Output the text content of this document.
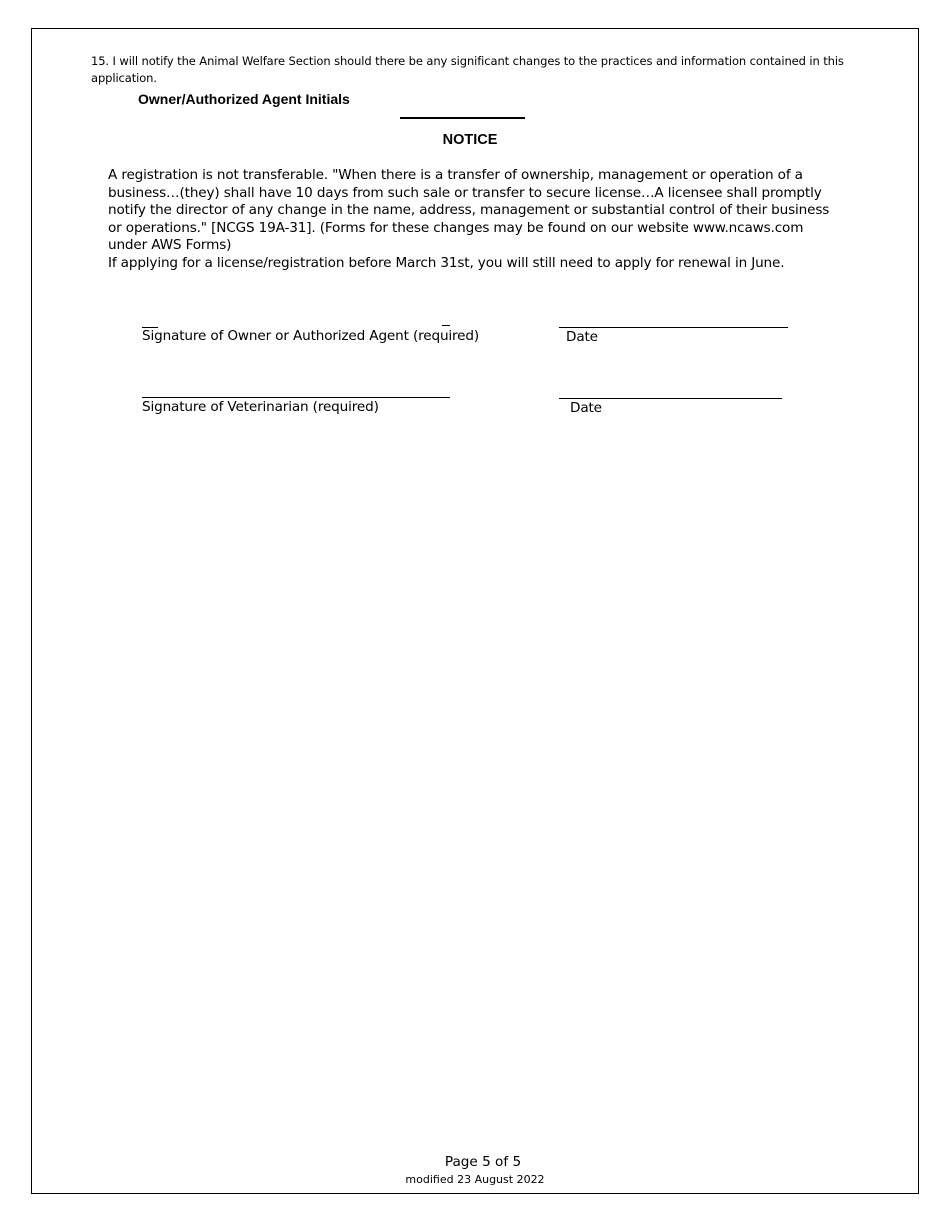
15. I will notify the Animal Welfare Section should there be any significant changes to the practices and information contained in this application.
Owner/Authorized Agent Initials
NOTICE

A registration is not transferable. "When there is a transfer of ownership, management or operation of a business…(they) shall have 10 days from such sale or transfer to secure license…A licensee shall promptly notify the director of any change in the name, address, management or substantial control of their business or operations." [NCGS 19A-31]. (Forms for these changes may be found on our website www.ncaws.com under AWS Forms)

If applying for a license/registration before March 31st, you will still need to apply for renewal in June.

Signature of Owner or Authorized Agent (required)	Date
Signature of Veterinarian (required)	Date
Page 5 of 5
modified 23 August 2022
